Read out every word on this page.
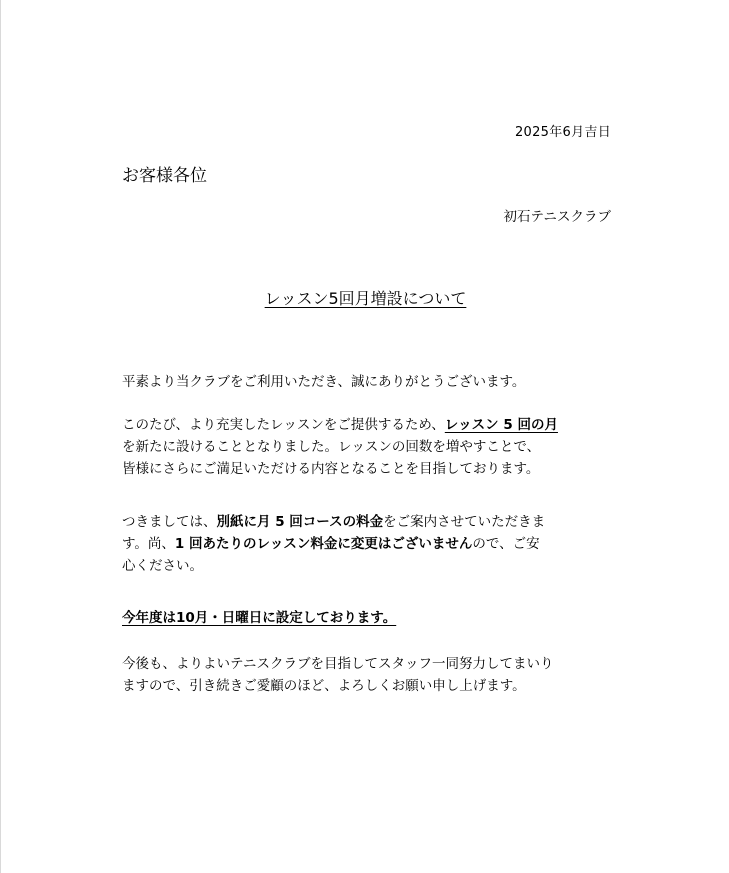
2025年6月吉日
お客様各位
初石テニスクラブ
レッスン5回月増設について
平素より当クラブをご利用いただき、誠にありがとうございます。
このたび、より充実したレッスンをご提供するため、レッスン 5 回の月
を新たに設けることとなりました。レッスンの回数を増やすことで、
皆様にさらにご満足いただける内容となることを目指しております。
つきましては、別紙に月 5 回コースの料金をご案内させていただきま
す。尚、1 回あたりのレッスン料金に変更はございませんので、ご安
心ください。
今年度は10月・日曜日に設定しております。
今後も、よりよいテニスクラブを目指してスタッフ一同努力してまいり
ますので、引き続きご愛顧のほど、よろしくお願い申し上げます。
